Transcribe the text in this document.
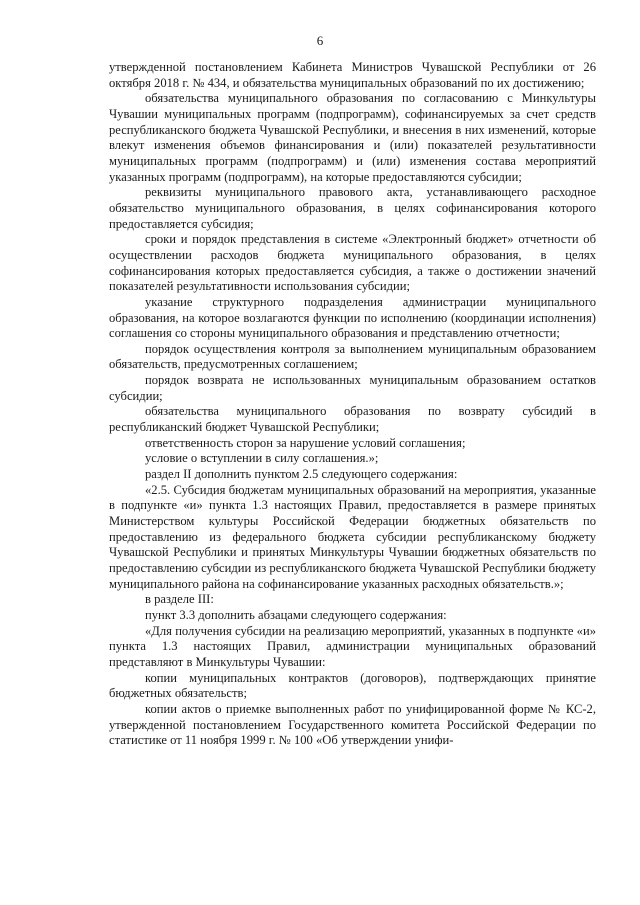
6

утвержденной постановлением Кабинета Министров Чувашской Республики от 26 октября 2018 г. № 434, и обязательства муниципальных образований по их достижению;

обязательства муниципального образования по согласованию с Минкультуры Чувашии муниципальных программ (подпрограмм), софинансируемых за счет средств республиканского бюджета Чувашской Республики, и внесения в них изменений, которые влекут изменения объемов финансирования и (или) показателей результативности муниципальных программ (подпрограмм) и (или) изменения состава мероприятий указанных программ (подпрограмм), на которые предоставляются субсидии;

реквизиты муниципального правового акта, устанавливающего расходное обязательство муниципального образования, в целях софинансирования которого предоставляется субсидия;

сроки и порядок представления в системе «Электронный бюджет» отчетности об осуществлении расходов бюджета муниципального образования, в целях софинансирования которых предоставляется субсидия, а также о достижении значений показателей результативности использования субсидии;

указание структурного подразделения администрации муниципального образования, на которое возлагаются функции по исполнению (координации исполнения) соглашения со стороны муниципального образования и представлению отчетности;

порядок осуществления контроля за выполнением муниципальным образованием обязательств, предусмотренных соглашением;

порядок возврата не использованных муниципальным образованием остатков субсидии;

обязательства муниципального образования по возврату субсидий в республиканский бюджет Чувашской Республики;

ответственность сторон за нарушение условий соглашения;

условие о вступлении в силу соглашения.»;

раздел II дополнить пунктом 2.5 следующего содержания:

«2.5. Субсидия бюджетам муниципальных образований на мероприятия, указанные в подпункте «и» пункта 1.3 настоящих Правил, предоставляется в размере принятых Министерством культуры Российской Федерации бюджетных обязательств по предоставлению из федерального бюджета субсидии республиканскому бюджету Чувашской Республики и принятых Минкультуры Чувашии бюджетных обязательств по предоставлению субсидии из республиканского бюджета Чувашской Республики бюджету муниципального района на софинансирование указанных расходных обязательств.»;

в разделе III:

пункт 3.3 дополнить абзацами следующего содержания:

«Для получения субсидии на реализацию мероприятий, указанных в подпункте «и» пункта 1.3 настоящих Правил, администрации муниципальных образований представляют в Минкультуры Чувашии:

копии муниципальных контрактов (договоров), подтверждающих принятие бюджетных обязательств;

копии актов о приемке выполненных работ по унифицированной форме № КС-2, утвержденной постановлением Государственного комитета Российской Федерации по статистике от 11 ноября 1999 г. № 100 «Об утверждении унифи-
